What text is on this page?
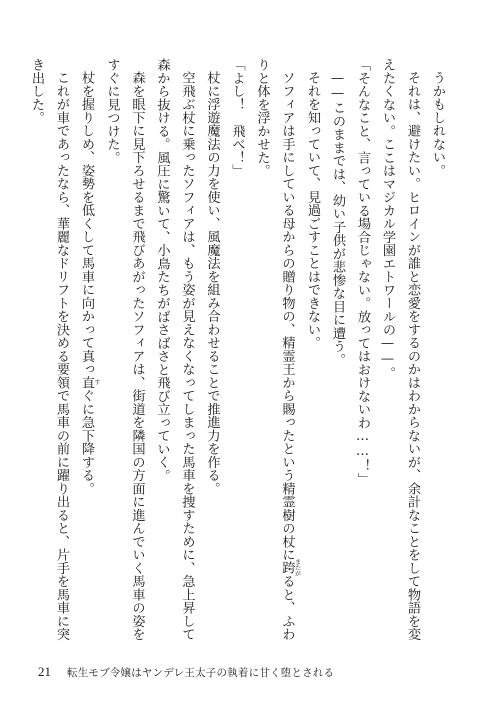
うかもしれない。
それは、避けたい。ヒロインが誰と恋愛をするのかはわからないが、余計なことをして物語を変
えたくない。ここはマジカル学園エトワールの——。
「そんなこと、言っている場合じゃない。放ってはおけないわ……！」
——このままでは、幼い子供が悲惨な目に遭う。
それを知っていて、見過ごすことはできない。
ソフィアは手にしている母からの贈り物の、精霊王から賜ったという精霊樹の杖に跨 またがると、ふわ
りと体を浮かせた。
「よし！　飛べ！」
杖に浮遊魔法の力を使い、風魔法を組み合わせることで推進力を作る。
空飛ぶ杖に乗ったソフィアは、もう姿が見えなくなってしまった馬車を捜すために、急上昇して
森から抜ける。風圧に驚いて、小鳥たちがばさばさと飛び立っていく。
森を眼下に見下ろせるまで飛びあがったソフィアは、街道を隣国の方面に進んでいく馬車の姿を
すぐに見つけた。
杖を握りしめ、姿勢を低くして馬車に向かって真っ直 すぐに急下降する。
これが車であったなら、華麗なドリフトを決める要領で馬車の前に躍り出ると、片手を馬車に突
き出した。
21 転生モブ令嬢はヤンデレ王太子の執着に甘く堕とされる
